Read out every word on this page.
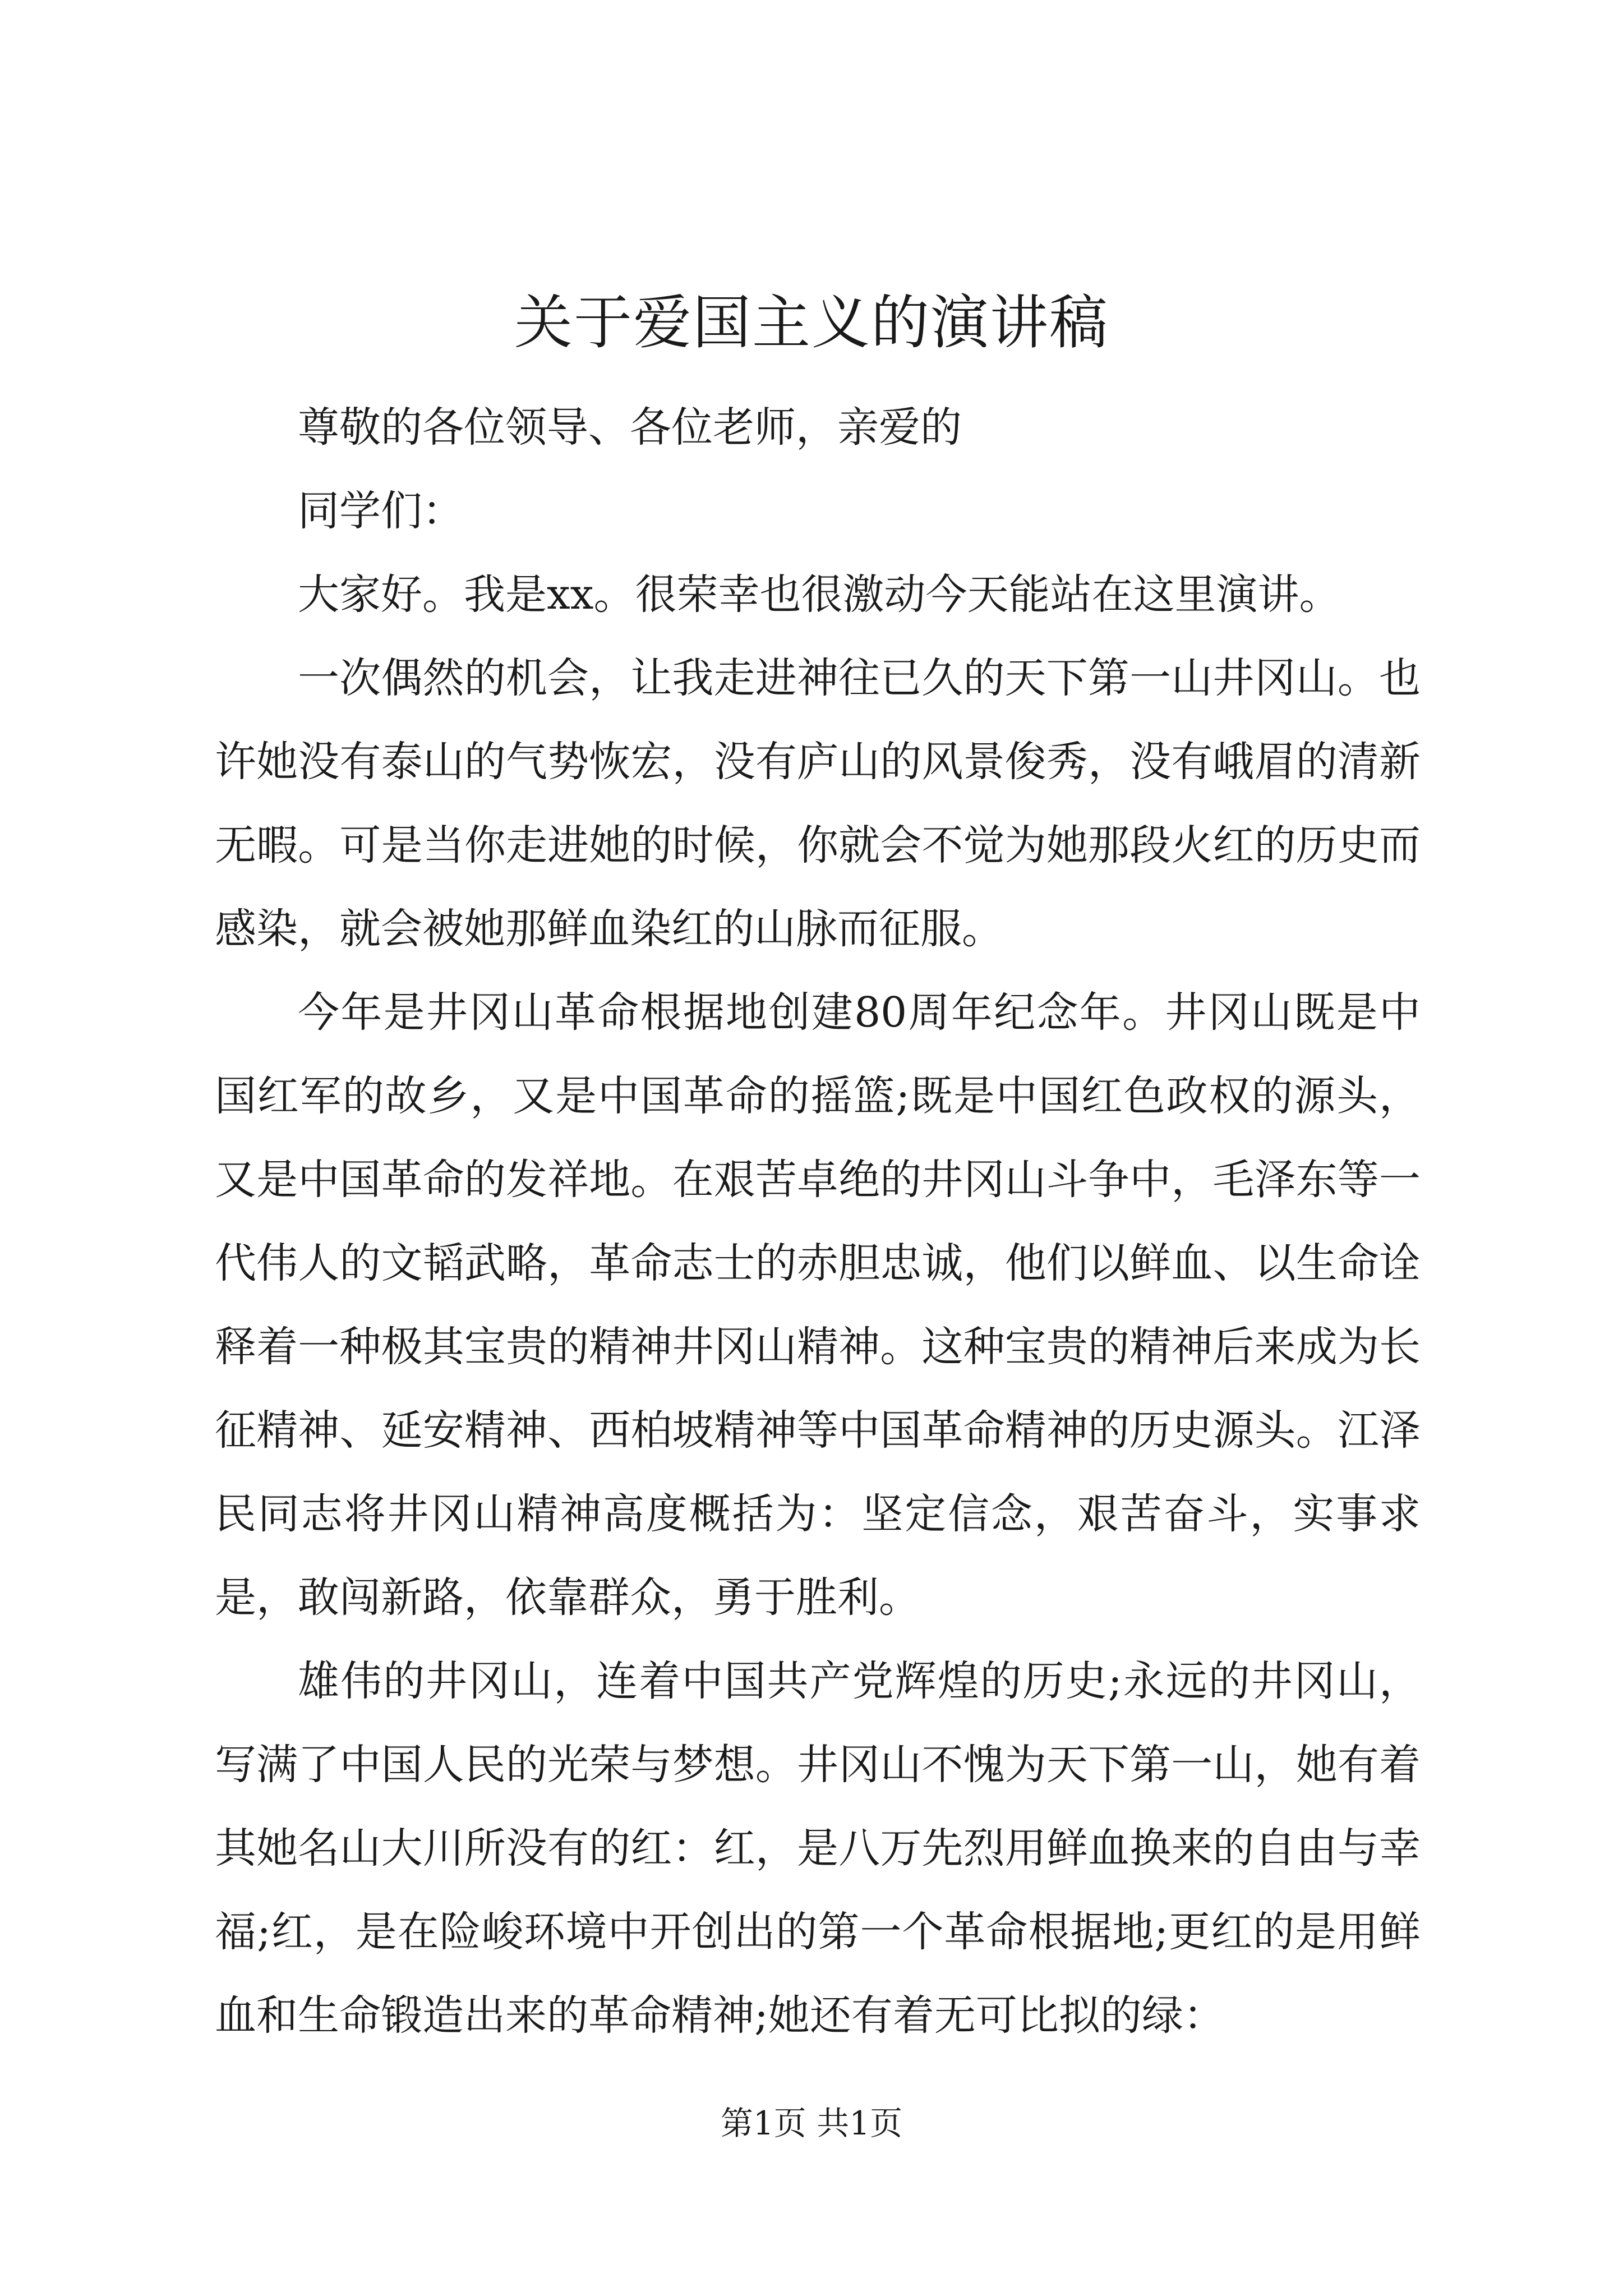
关于爱国主义的演讲稿

尊敬的各位领导、各位老师，亲爱的

同学们：

大家好。我是xx。很荣幸也很激动今天能站在这里演讲。

一次偶然的机会，让我走进神往已久的天下第一山井冈山。也许她没有泰山的气势恢宏，没有庐山的风景俊秀，没有峨眉的清新无暇。可是当你走进她的时候，你就会不觉为她那段火红的历史而感染，就会被她那鲜血染红的山脉而征服。

今年是井冈山革命根据地创建80周年纪念年。井冈山既是中国红军的故乡，又是中国革命的摇篮;既是中国红色政权的源头，又是中国革命的发祥地。在艰苦卓绝的井冈山斗争中，毛泽东等一代伟人的文韬武略，革命志士的赤胆忠诚，他们以鲜血、以生命诠释着一种极其宝贵的精神井冈山精神。这种宝贵的精神后来成为长征精神、延安精神、西柏坡精神等中国革命精神的历史源头。江泽民同志将井冈山精神高度概括为：坚定信念，艰苦奋斗，实事求是，敢闯新路，依靠群众，勇于胜利。

雄伟的井冈山，连着中国共产党辉煌的历史;永远的井冈山，写满了中国人民的光荣与梦想。井冈山不愧为天下第一山，她有着其她名山大川所没有的红：红，是八万先烈用鲜血换来的自由与幸福;红，是在险峻环境中开创出的第一个革命根据地;更红的是用鲜血和生命锻造出来的革命精神;她还有着无可比拟的绿：

第1页 共1页
